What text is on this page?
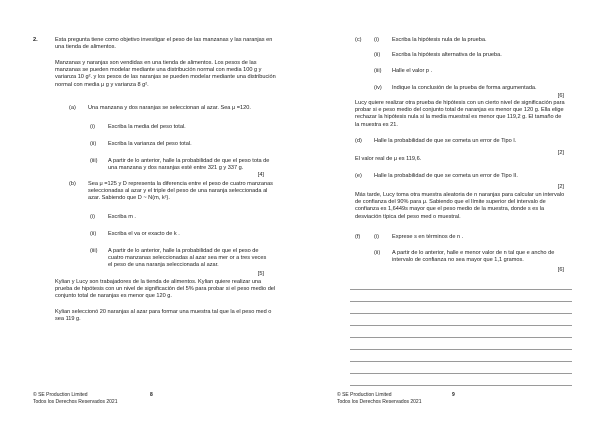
2.	Esta pregunta tiene como objetivo investigar el peso de las manzanas y las naranjas en una tienda de alimentos.
Manzanas y naranjas son vendidas en una tienda de alimentos. Los pesos de las manzanas se pueden modelar mediante una distribución normal con media 100 g y varianza 10 g². y los pesos de las naranjas se pueden modelar mediante una distribución normal con media μ g y varianza 8 g².
(a) Una manzana y dos naranjas se seleccionan al azar. Sea μ =120.
(i) Escriba la media del peso total.
(ii) Escriba la varianza del peso total.
(iii) A partir de lo anterior, halle la probabilidad de que el peso tota de una manzana y dos naranjas esté entre 321 g y 337 g.
[4]
(b) Sea μ =125 y D representa la diferencia entre el peso de cuatro manzanas seleccionadas al azar y el triple del peso de una naranja seleccionada al azar. Sabiendo que D ~ N(m, k²).
(i) Escriba m .
(ii) Escriba el va or exacto de k .
(iii) A partir de lo anterior, halle la probabilidad de que el peso de cuatro manzanas seleccionadas al azar sea mer or a tres veces el peso de una naranja seleccionada al azar.
[5]
Kylian y Lucy son trabajadores de la tienda de alimentos. Kylian quiere realizar una prueba de hipótesis con un nivel de significación del 5% para probar si el peso medio del conjunto total de naranjas es menor que 120 g.
Kylian seleccionó 20 naranjas al azar para formar una muestra tal que la el peso med o sea 119 g.
© SE Production Limited
Todos los Derechos Reservados 2021
8
(c) (i) Escriba la hipótesis nula de la prueba.
(ii) Escriba la hipótesis alternativa de la prueba.
(iii) Halle el valor p .
(iv) Indique la conclusión de la prueba de forma argumentada.
[6]
Lucy quiere realizar otra prueba de hipótesis con un cierto nivel de significación para probar si e peso medio del conjunto total de naranjas es menor que 120 g. Ella elige rechazar la hipótesis nula si la media muestral es menor que 119,2 g. El tamaño de la muestra es 21.
(d) Halle la probabilidad de que se cometa un error de Tipo I.
[2]
El valor real de μ es 119,6.
(e) Halle la probabilidad de que se cometa un error de Tipo II.
[2]
Más tarde, Lucy toma otra muestra aleatoria de n naranjas para calcular un intervalo de confianza del 90% para μ. Sabiendo que el límite superior del intervalo de confianza es 1,6449s mayor que el peso medio de la muestra, donde s es la desviación típica del peso med o muestral.
(f) (i) Exprese s en términos de n .
(ii) A partir de lo anterior, halle e menor valor de n tal que e ancho de intervalo de confianza no sea mayor que 1,1 gramos.
[6]
© SE Production Limited
Todos los Derechos Reservados 2021
9
